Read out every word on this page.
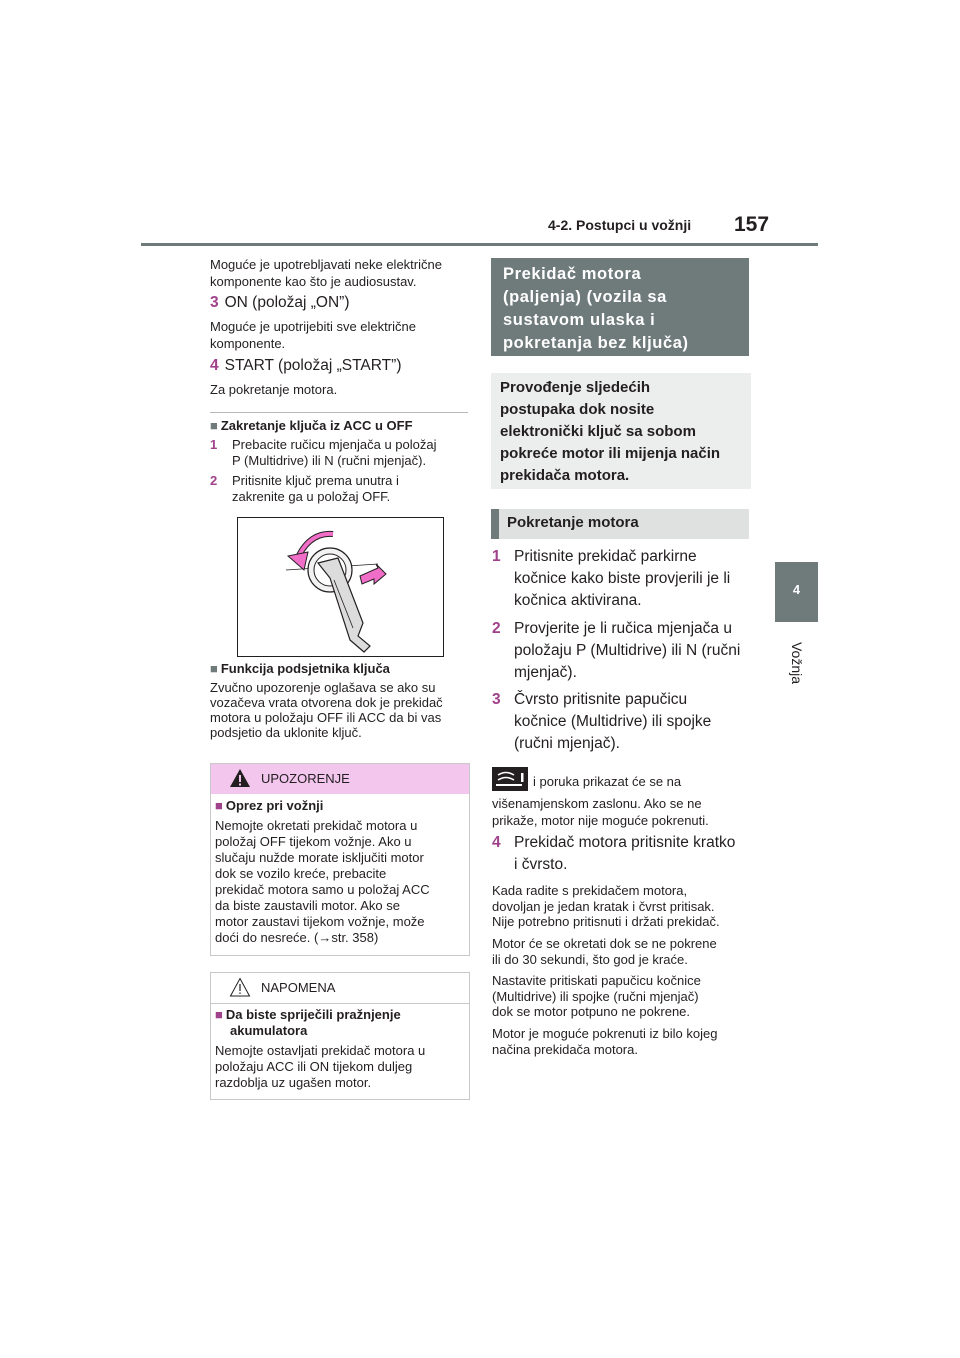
4-2. Postupci u vožnji 157
4
Vožnja
Moguće je upotrebljavati neke električne
komponente kao što je audiosustav.
3 ON (položaj „ON”)
Moguće je upotrijebiti sve električne
komponente.
4 START (položaj „START”)
Za pokretanje motora.
■ Zakretanje ključa iz ACC u OFF
1 Prebacite ručicu mjenjača u položaj
P (Multidrive) ili N (ručni mjenjač).
2 Pritisnite ključ prema unutra i
zakrenite ga u položaj OFF.
■ Funkcija podsjetnika ključa
Zvučno upozorenje oglašava se ako su
vozačeva vrata otvorena dok je prekidač
motora u položaju OFF ili ACC da bi vas
podsjetio da uklonite ključ.
UPOZORENJE
■ Oprez pri vožnji
Nemojte okretati prekidač motora u
položaj OFF tijekom vožnje. Ako u
slučaju nužde morate isključiti motor
dok se vozilo kreće, prebacite
prekidač motora samo u položaj ACC
da biste zaustavili motor. Ako se
motor zaustavi tijekom vožnje, može
doći do nesreće. (→str. 358)
NAPOMENA
■ Da biste spriječili pražnjenje
akumulatora
Nemojte ostavljati prekidač motora u
položaju ACC ili ON tijekom duljeg
razdoblja uz ugašen motor.
Prekidač motora
(paljenja) (vozila sa
sustavom ulaska i
pokretanja bez ključa)
Provođenje sljedećih
postupaka dok nosite
elektronički ključ sa sobom
pokreće motor ili mijenja način
prekidača motora.
Pokretanje motora
1 Pritisnite prekidač parkirne
kočnice kako biste provjerili je li
kočnica aktivirana.
2 Provjerite je li ručica mjenjača u
položaju P (Multidrive) ili N (ručni
mjenjač).
3 Čvrsto pritisnite papučicu
kočnice (Multidrive) ili spojke
(ručni mjenjač).
i poruka prikazat će se na
višenamjenskom zaslonu. Ako se ne
prikaže, motor nije moguće pokrenuti.
4 Prekidač motora pritisnite kratko
i čvrsto.
Kada radite s prekidačem motora,
dovoljan je jedan kratak i čvrst pritisak.
Nije potrebno pritisnuti i držati prekidač.
Motor će se okretati dok se ne pokrene
ili do 30 sekundi, što god je kraće.
Nastavite pritiskati papučicu kočnice
(Multidrive) ili spojke (ručni mjenjač)
dok se motor potpuno ne pokrene.
Motor je moguće pokrenuti iz bilo kojeg
načina prekidača motora.
